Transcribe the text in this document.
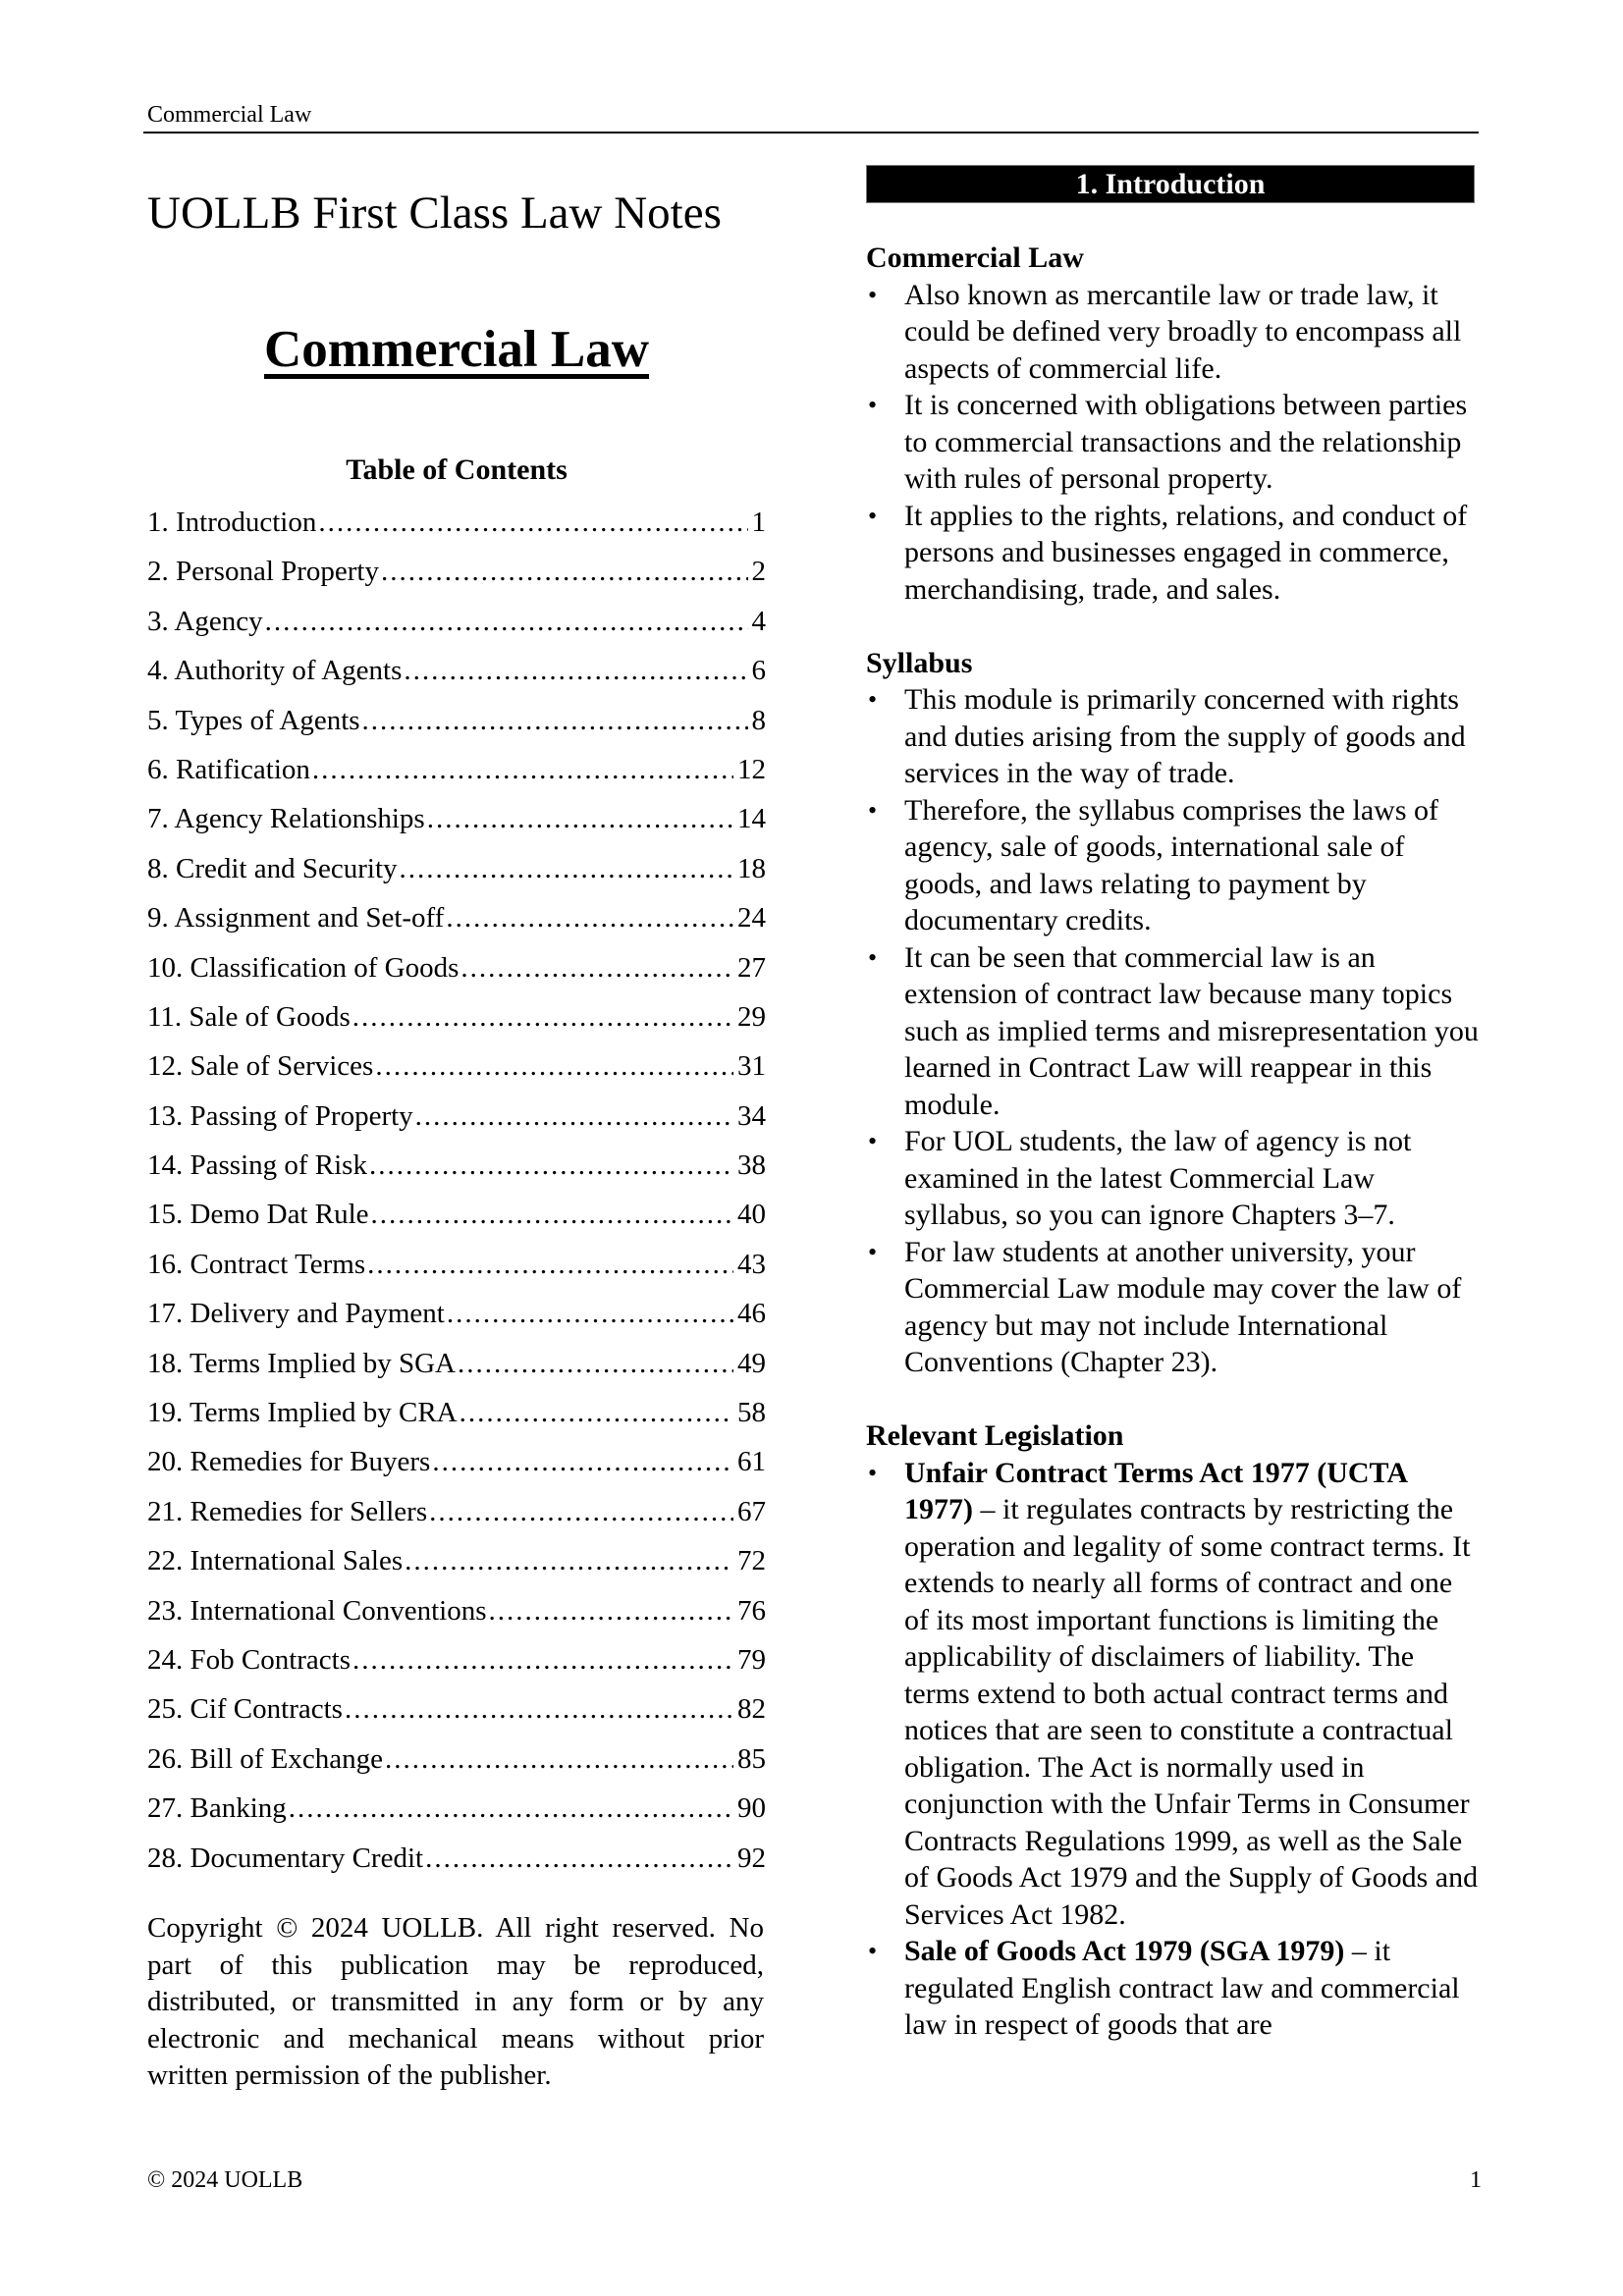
Commercial Law
UOLLB First Class Law Notes
Commercial Law
Table of Contents
1. Introduction .....	1
2. Personal Property .....	2
3. Agency .....	4
4. Authority of Agents .....	6
5. Types of Agents .....	8
6. Ratification .....	12
7. Agency Relationships .....	14
8. Credit and Security .....	18
9. Assignment and Set-off .....	24
10. Classification of Goods .....	27
11. Sale of Goods .....	29
12. Sale of Services .....	31
13. Passing of Property .....	34
14. Passing of Risk .....	38
15. Demo Dat Rule .....	40
16. Contract Terms .....	43
17. Delivery and Payment .....	46
18. Terms Implied by SGA .....	49
19. Terms Implied by CRA .....	58
20. Remedies for Buyers .....	61
21. Remedies for Sellers .....	67
22. International Sales .....	72
23. International Conventions .....	76
24. Fob Contracts .....	79
25. Cif Contracts .....	82
26. Bill of Exchange .....	85
27. Banking .....	90
28. Documentary Credit .....	92

Copyright © 2024 UOLLB. All right reserved. No part of this publication may be reproduced, distributed, or transmitted in any form or by any electronic and mechanical means without prior written permission of the publisher.

1. Introduction
Commercial Law
• Also known as mercantile law or trade law, it could be defined very broadly to encompass all aspects of commercial life.
• It is concerned with obligations between parties to commercial transactions and the relationship with rules of personal property.
• It applies to the rights, relations, and conduct of persons and businesses engaged in commerce, merchandising, trade, and sales.
Syllabus
• This module is primarily concerned with rights and duties arising from the supply of goods and services in the way of trade.
• Therefore, the syllabus comprises the laws of agency, sale of goods, international sale of goods, and laws relating to payment by documentary credits.
• It can be seen that commercial law is an extension of contract law because many topics such as implied terms and misrepresentation you learned in Contract Law will reappear in this module.
• For UOL students, the law of agency is not examined in the latest Commercial Law syllabus, so you can ignore Chapters 3–7.
• For law students at another university, your Commercial Law module may cover the law of agency but may not include International Conventions (Chapter 23).
Relevant Legislation
• Unfair Contract Terms Act 1977 (UCTA 1977) – it regulates contracts by restricting the operation and legality of some contract terms. It extends to nearly all forms of contract and one of its most important functions is limiting the applicability of disclaimers of liability. The terms extend to both actual contract terms and notices that are seen to constitute a contractual obligation. The Act is normally used in conjunction with the Unfair Terms in Consumer Contracts Regulations 1999, as well as the Sale of Goods Act 1979 and the Supply of Goods and Services Act 1982.
• Sale of Goods Act 1979 (SGA 1979) – it regulated English contract law and commercial law in respect of goods that are
© 2024 UOLLB	1
